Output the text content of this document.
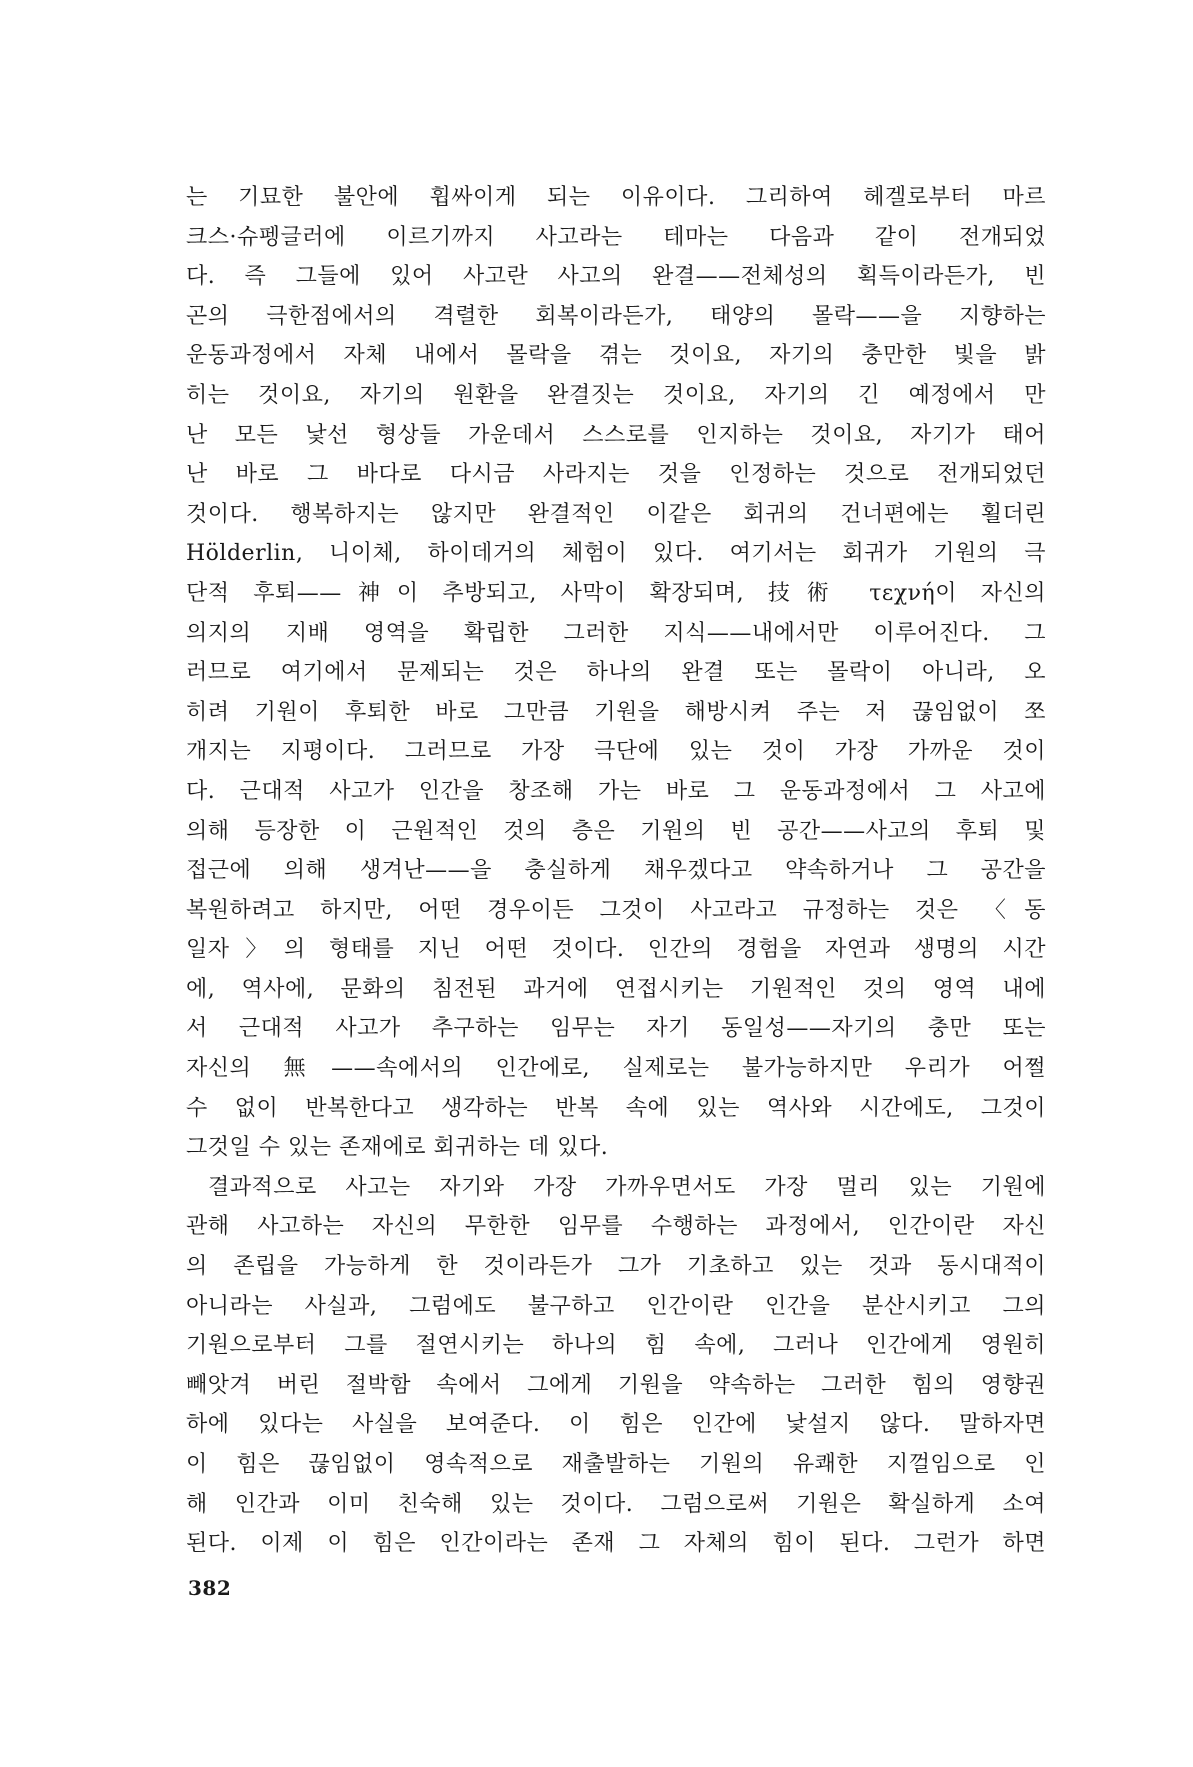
는 기묘한 불안에 휩싸이게 되는 이유이다. 그리하여 헤겔로부터 마르
크스·슈펭글러에 이르기까지 사고라는 테마는 다음과 같이 전개되었
다. 즉 그들에 있어 사고란 사고의 완결——전체성의 획득이라든가, 빈
곤의 극한점에서의 격렬한 회복이라든가, 태양의 몰락——을 지향하는
운동과정에서 자체 내에서 몰락을 겪는 것이요, 자기의 충만한 빛을 밝
히는 것이요, 자기의 원환을 완결짓는 것이요, 자기의 긴 예정에서 만
난 모든 낯선 형상들 가운데서 스스로를 인지하는 것이요, 자기가 태어
난 바로 그 바다로 다시금 사라지는 것을 인정하는 것으로 전개되었던
것이다. 행복하지는 않지만 완결적인 이같은 회귀의 건너편에는 횔더린
Hölderlin, 니이체, 하이데거의 체험이 있다. 여기서는 회귀가 기원의 극
단적 후퇴——神이 추방되고, 사막이 확장되며, 技術 τεχνή이 자신의
의지의 지배 영역을 확립한 그러한 지식——내에서만 이루어진다. 그
러므로 여기에서 문제되는 것은 하나의 완결 또는 몰락이 아니라, 오
히려 기원이 후퇴한 바로 그만큼 기원을 해방시켜 주는 저 끊임없이 쪼
개지는 지평이다. 그러므로 가장 극단에 있는 것이 가장 가까운 것이
다. 근대적 사고가 인간을 창조해 가는 바로 그 운동과정에서 그 사고에
의해 등장한 이 근원적인 것의 층은 기원의 빈 공간——사고의 후퇴 및
접근에 의해 생겨난——을 충실하게 채우겠다고 약속하거나 그 공간을
복원하려고 하지만, 어떤 경우이든 그것이 사고라고 규정하는 것은 〈동
일자〉의 형태를 지닌 어떤 것이다. 인간의 경험을 자연과 생명의 시간
에, 역사에, 문화의 침전된 과거에 연접시키는 기원적인 것의 영역 내에
서 근대적 사고가 추구하는 임무는 자기 동일성——자기의 충만 또는
자신의 無——속에서의 인간에로, 실제로는 불가능하지만 우리가 어쩔
수 없이 반복한다고 생각하는 반복 속에 있는 역사와 시간에도, 그것이
그것일 수 있는 존재에로 회귀하는 데 있다.
결과적으로 사고는 자기와 가장 가까우면서도 가장 멀리 있는 기원에
관해 사고하는 자신의 무한한 임무를 수행하는 과정에서, 인간이란 자신
의 존립을 가능하게 한 것이라든가 그가 기초하고 있는 것과 동시대적이
아니라는 사실과, 그럼에도 불구하고 인간이란 인간을 분산시키고 그의
기원으로부터 그를 절연시키는 하나의 힘 속에, 그러나 인간에게 영원히
빼앗겨 버린 절박함 속에서 그에게 기원을 약속하는 그러한 힘의 영향권
하에 있다는 사실을 보여준다. 이 힘은 인간에 낯설지 않다. 말하자면
이 힘은 끊임없이 영속적으로 재출발하는 기원의 유쾌한 지껄임으로 인
해 인간과 이미 친숙해 있는 것이다. 그럼으로써 기원은 확실하게 소여
된다. 이제 이 힘은 인간이라는 존재 그 자체의 힘이 된다. 그런가 하면
382
